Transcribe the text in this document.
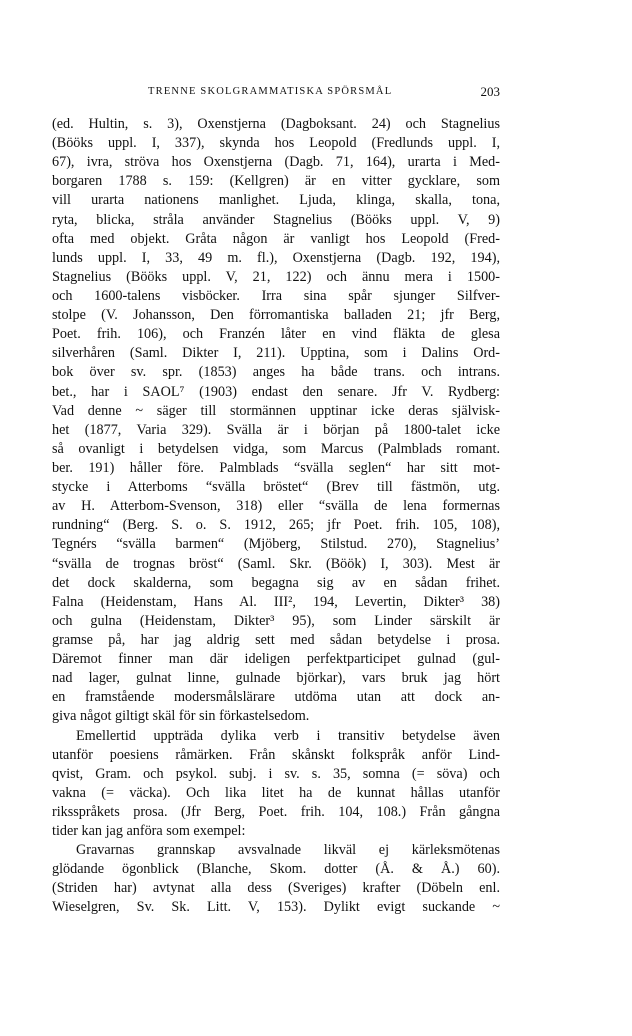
TRENNE SKOLGRAMMATISKA SPÖRSMÅL	203
(ed. Hultin, s. 3), Oxenstjerna (Dagboksant. 24) och Stagnelius
(Bööks uppl. I, 337), skynda hos Leopold (Fredlunds uppl. I,
67), ivra, ströva hos Oxenstjerna (Dagb. 71, 164), urarta i Med-
borgaren 1788 s. 159: (Kellgren) är en vitter gycklare, som
vill urarta nationens manlighet. Ljuda, klinga, skalla, tona,
ryta, blicka, stråla använder Stagnelius (Bööks uppl. V, 9)
ofta med objekt. Gråta någon är vanligt hos Leopold (Fred-
lunds uppl. I, 33, 49 m. fl.), Oxenstjerna (Dagb. 192, 194),
Stagnelius (Bööks uppl. V, 21, 122) och ännu mera i 1500-
och 1600-talens visböcker. Irra sina spår sjunger Silfver-
stolpe (V. Johansson, Den förromantiska balladen 21; jfr Berg,
Poet. frih. 106), och Franzén låter en vind fläkta de glesa
silverhåren (Saml. Dikter I, 211). Upptina, som i Dalins Ord-
bok över sv. spr. (1853) anges ha både trans. och intrans.
bet., har i SAOL⁷ (1903) endast den senare. Jfr V. Rydberg:
Vad denne ~ säger till stormännen upptinar icke deras självisk-
het (1877, Varia 329). Svälla är i början på 1800-talet icke
så ovanligt i betydelsen vidga, som Marcus (Palmblads romant.
ber. 191) håller före. Palmblads “svälla seglen“ har sitt mot-
stycke i Atterboms “svälla bröstet“ (Brev till fästmön, utg.
av H. Atterbom-Svenson, 318) eller “svälla de lena formernas
rundning“ (Berg. S. o. S. 1912, 265; jfr Poet. frih. 105, 108),
Tegnérs “svälla barmen“ (Mjöberg, Stilstud. 270), Stagnelius’
“svälla de trognas bröst“ (Saml. Skr. (Böök) I, 303). Mest är
det dock skalderna, som begagna sig av en sådan frihet.
Falna (Heidenstam, Hans Al. III², 194, Levertin, Dikter³ 38)
och gulna (Heidenstam, Dikter³ 95), som Linder särskilt är
gramse på, har jag aldrig sett med sådan betydelse i prosa.
Däremot finner man där ideligen perfektparticipet gulnad (gul-
nad lager, gulnat linne, gulnade björkar), vars bruk jag hört
en framstående modersmålslärare utdöma utan att dock an-
giva något giltigt skäl för sin förkastelsedom.
Emellertid uppträda dylika verb i transitiv betydelse även
utanför poesiens råmärken. Från skånskt folkspråk anför Lind-
qvist, Gram. och psykol. subj. i sv. s. 35, somna (= söva) och
vakna (= väcka). Och lika litet ha de kunnat hållas utanför
riksspråkets prosa. (Jfr Berg, Poet. frih. 104, 108.) Från gångna
tider kan jag anföra som exempel:
Gravarnas grannskap avsvalnade likväl ej kärleksmötenas
glödande ögonblick (Blanche, Skom. dotter (Å. & Å.) 60).
(Striden har) avtynat alla dess (Sveriges) krafter (Döbeln enl.
Wieselgren, Sv. Sk. Litt. V, 153). Dylikt evigt suckande ~
